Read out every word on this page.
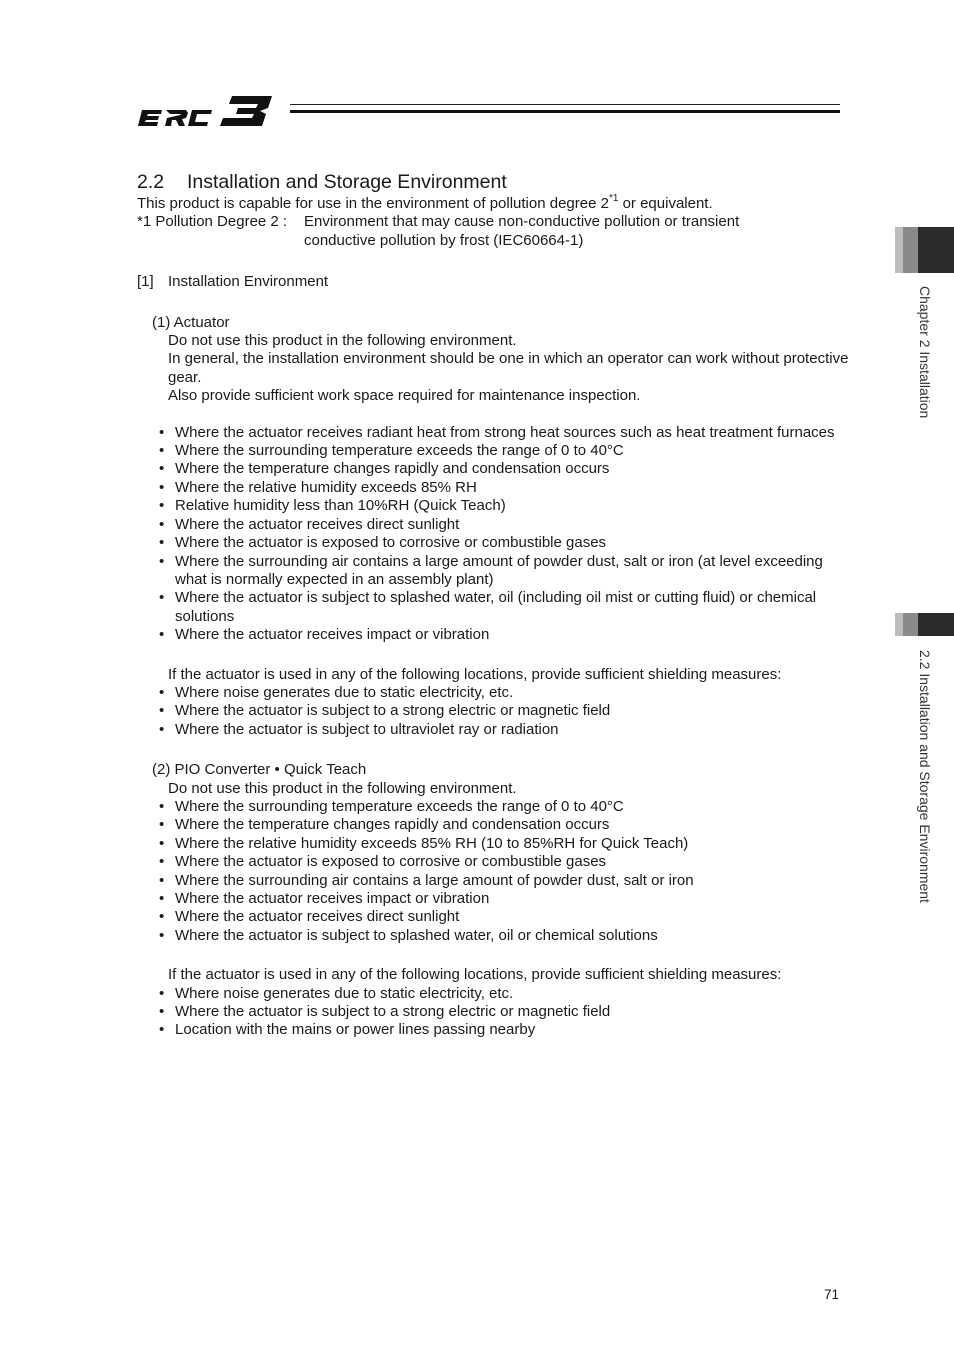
2.2 Installation and Storage Environment

This product is capable for use in the environment of pollution degree 2$^{*1}$ or equivalent.

*1 Pollution Degree 2 :	Environment that may cause non-conductive pollution or transient
conductive pollution by frost (IEC60664-1)

[1] Installation Environment

(1) Actuator

Do not use this product in the following environment.

In general, the installation environment should be one in which an operator can work without protective gear.

Also provide sufficient work space required for maintenance inspection.

• Where the actuator receives radiant heat from strong heat sources such as heat treatment furnaces
• Where the surrounding temperature exceeds the range of 0 to 40°C
• Where the temperature changes rapidly and condensation occurs
• Where the relative humidity exceeds 85% RH
• Relative humidity less than 10%RH (Quick Teach)
• Where the actuator receives direct sunlight
• Where the actuator is exposed to corrosive or combustible gases
• Where the surrounding air contains a large amount of powder dust, salt or iron (at level exceeding what is normally expected in an assembly plant)
• Where the actuator is subject to splashed water, oil (including oil mist or cutting fluid) or chemical solutions
• Where the actuator receives impact or vibration

If the actuator is used in any of the following locations, provide sufficient shielding measures:

• Where noise generates due to static electricity, etc.
• Where the actuator is subject to a strong electric or magnetic field
• Where the actuator is subject to ultraviolet ray or radiation

(2) PIO Converter • Quick Teach

Do not use this product in the following environment.

• Where the surrounding temperature exceeds the range of 0 to 40°C
• Where the temperature changes rapidly and condensation occurs
• Where the relative humidity exceeds 85% RH (10 to 85%RH for Quick Teach)
• Where the actuator is exposed to corrosive or combustible gases
• Where the surrounding air contains a large amount of powder dust, salt or iron
• Where the actuator receives impact or vibration
• Where the actuator receives direct sunlight
• Where the actuator is subject to splashed water, oil or chemical solutions

If the actuator is used in any of the following locations, provide sufficient shielding measures:

• Where noise generates due to static electricity, etc.
• Where the actuator is subject to a strong electric or magnetic field
• Location with the mains or power lines passing nearby
Chapter 2 Installation
2.2 Installation and Storage Environment
71
